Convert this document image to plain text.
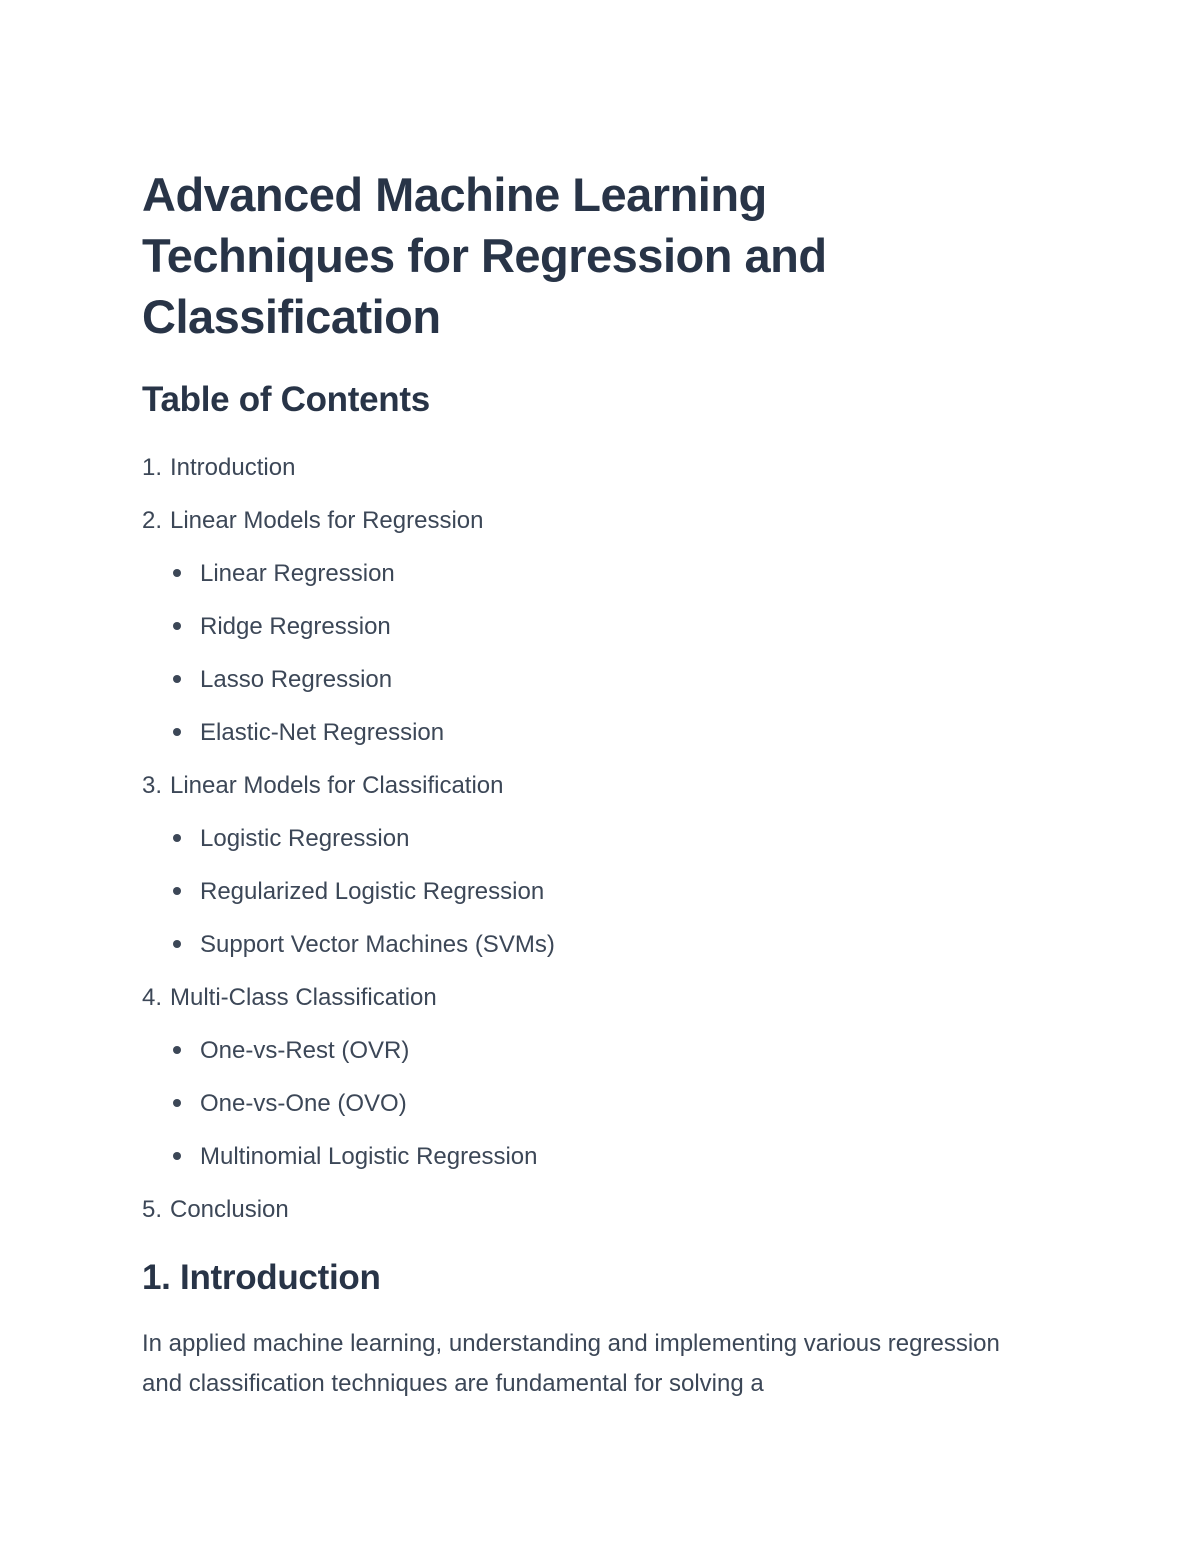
Advanced Machine Learning Techniques for Regression and Classification
Table of Contents
1. Introduction
2. Linear Models for Regression
Linear Regression
Ridge Regression
Lasso Regression
Elastic-Net Regression
3. Linear Models for Classification
Logistic Regression
Regularized Logistic Regression
Support Vector Machines (SVMs)
4. Multi-Class Classification
One-vs-Rest (OVR)
One-vs-One (OVO)
Multinomial Logistic Regression
5. Conclusion
1. Introduction

In applied machine learning, understanding and implementing various regression and classification techniques are fundamental for solving a
